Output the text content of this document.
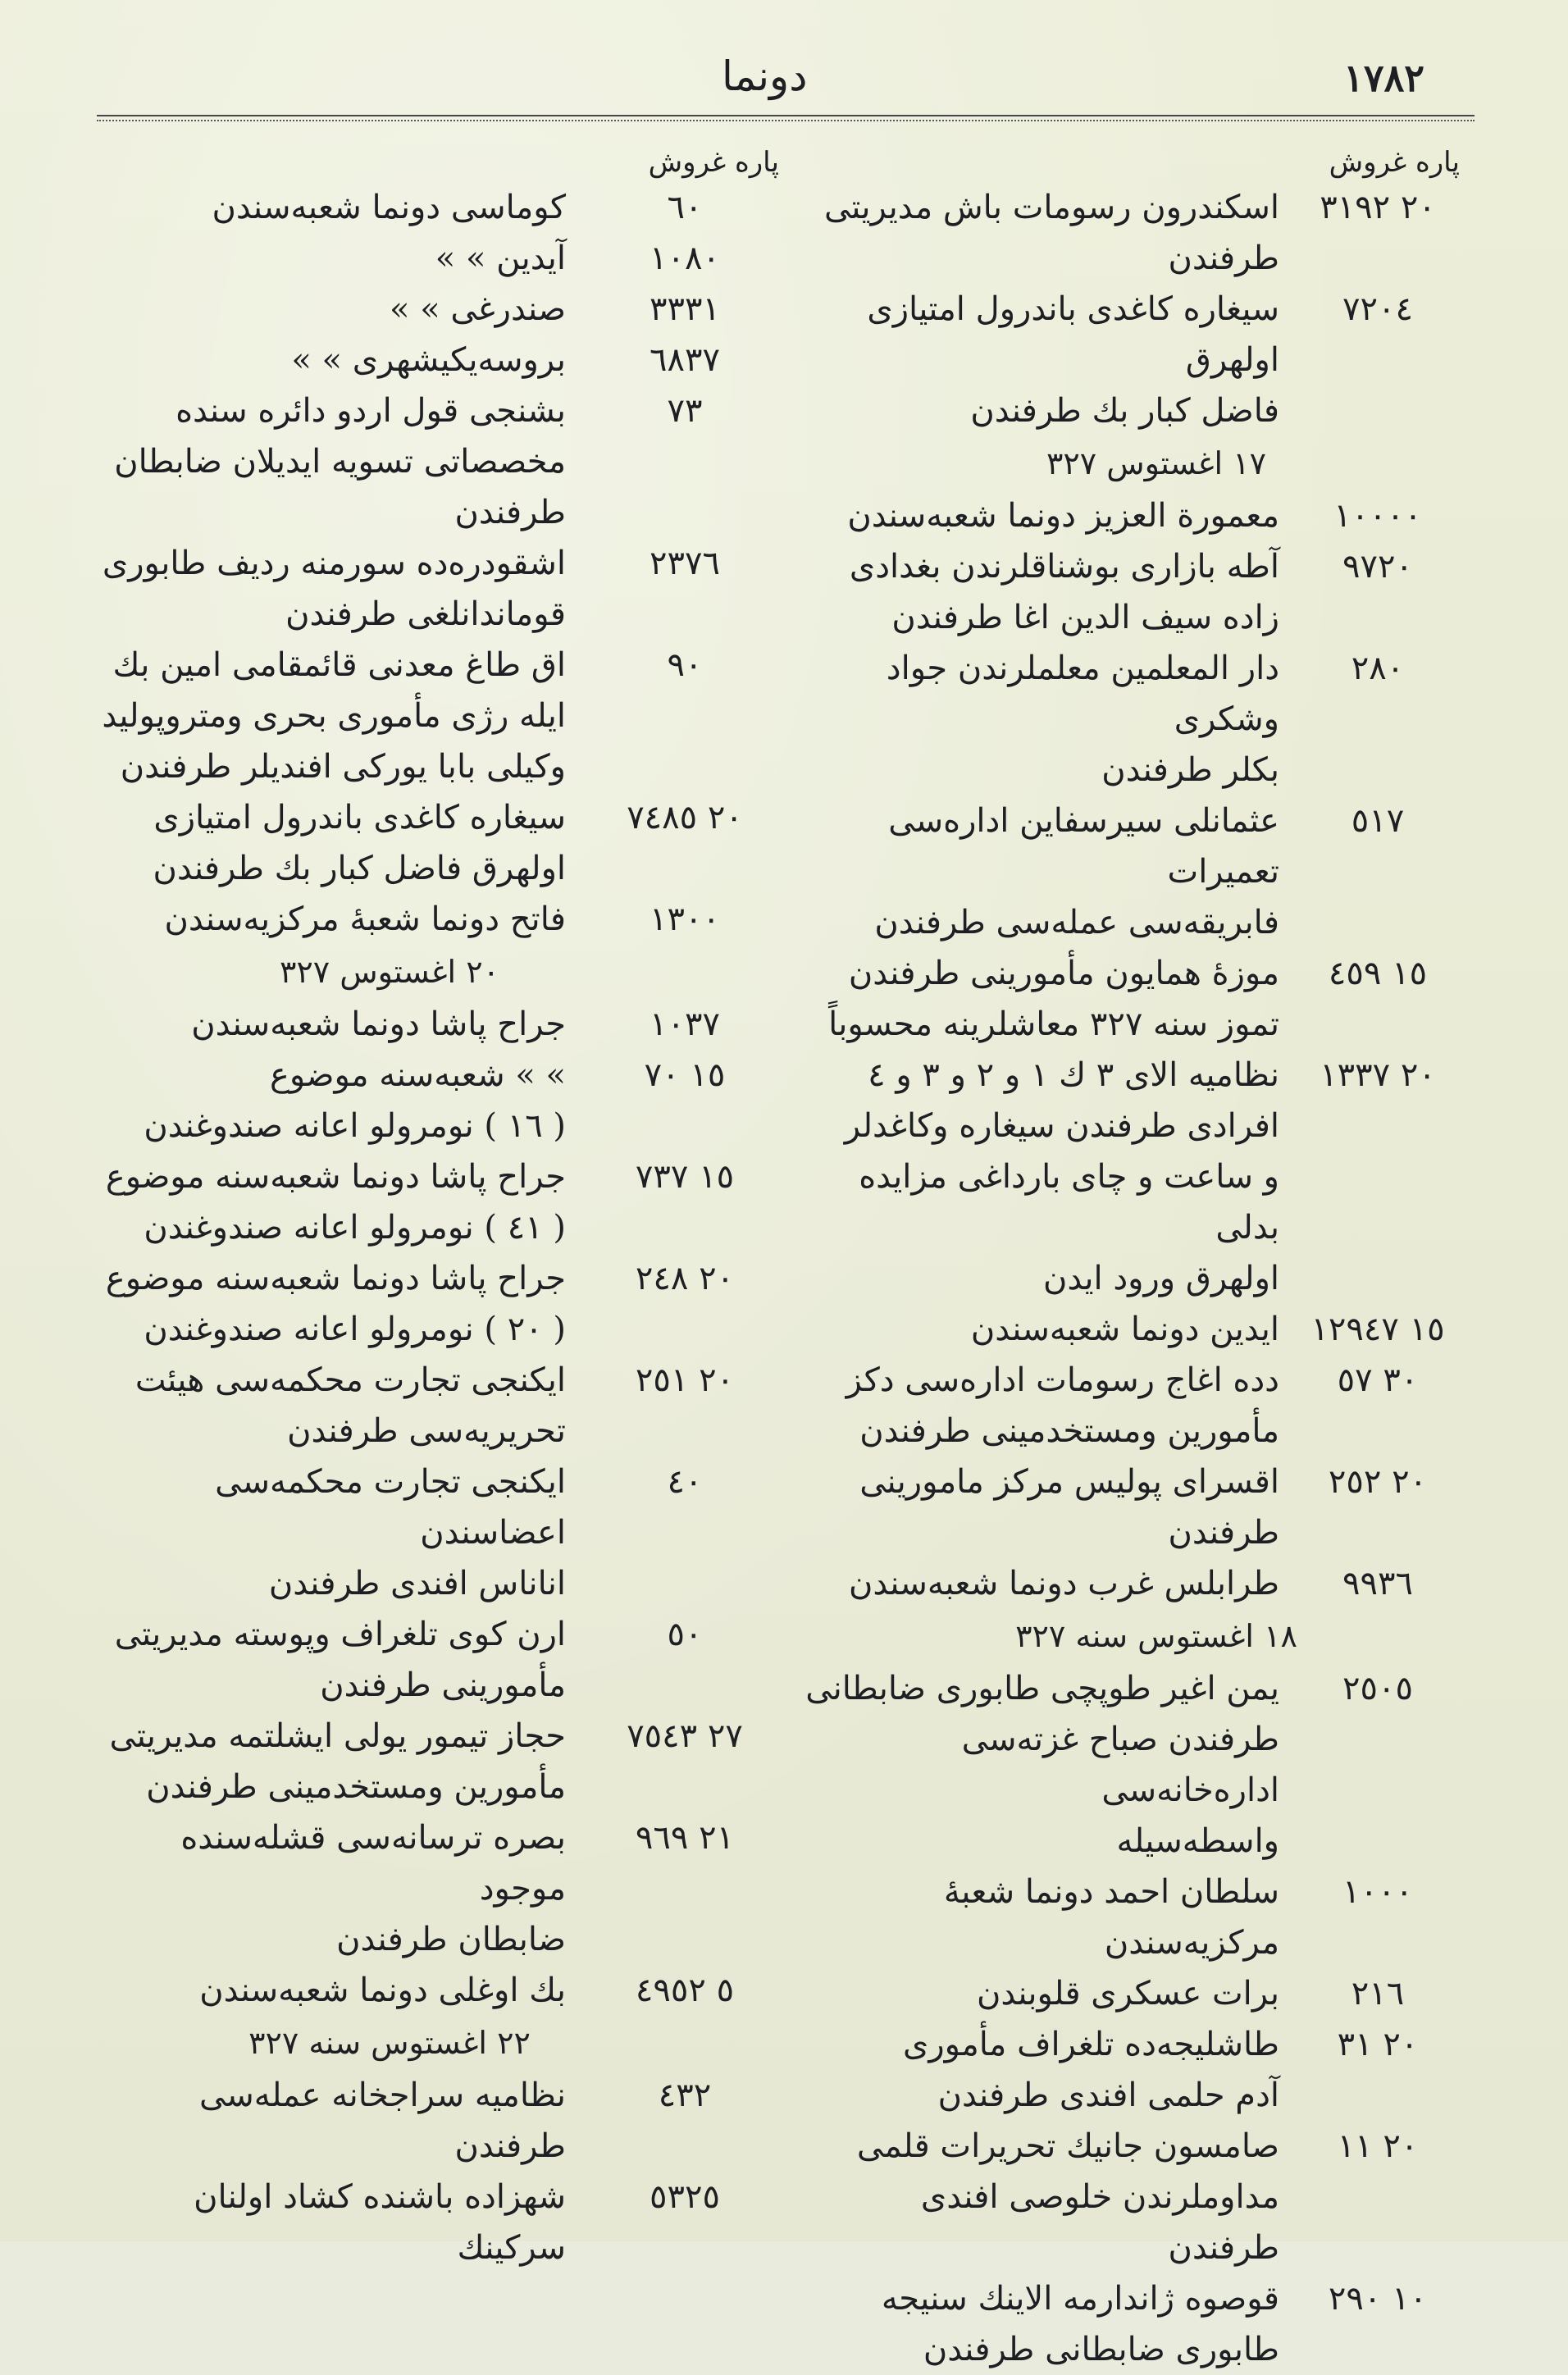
١٧٨٢
دونما
پاره غروش
٢٠ ٣١٩٢
اسكندرون رسومات باش مديريتى
طرفندن
٧٢٠٤
سيغاره كاغدى باندرول امتيازى اولهرق
فاضل كبار بك طرفندن
١٧ اغستوس ٣٢٧
١٠٠٠٠
معمورة العزيز دونما شعبه‌سندن
٩٧٢٠
آطه بازارى بوشناقلرندن بغدادى
زاده سيف الدين اغا طرفندن
٢٨٠
دار المعلمين معلملرندن جواد وشكرى
بكلر طرفندن
٥١٧
عثمانلى سيرسفاين اداره‌سى تعميرات
فابريقه‌سى عمله‌سى طرفندن
١٥ ٤٥٩
موزهٔ همايون مأمورينى طرفندن
تموز سنه ٣٢٧ معاشلرينه محسوباً
٢٠ ١٣٣٧
نظاميه الاى ٣ ك ١ و ٢ و ٣ و ٤
افرادى طرفندن سيغاره وكاغدلر
و ساعت و چاى بارداغى مزايده بدلى
اولهرق ورود ايدن
١٥ ١٢٩٤٧
ايدين دونما شعبه‌سندن
٣٠ ٥٧
دده اغاج رسومات اداره‌سى دكز
مأمورين ومستخدمينى طرفندن
٢٠ ٢٥٢
اقسراى پوليس مركز مامورينى
طرفندن
٩٩٣٦
طرابلس غرب دونما شعبه‌سندن
١٨ اغستوس سنه ٣٢٧
٢٥٠٥
يمن اغير طوپچى طابورى ضابطانى
طرفندن صباح غزته‌سى اداره‌خانه‌سى
واسطه‌سيله
١٠٠٠
سلطان احمد دونما شعبهٔ مركزيه‌سندن
٢١٦
برات عسكرى قلوبندن
٢٠ ٣١
طاشليجه‌ده تلغراف مأمورى
آدم حلمى افندى طرفندن
٢٠ ١١
صامسون جانيك تحريرات قلمى
مداوملرندن خلوصى افندى طرفندن
١٠ ٢٩٠
قوصوه ژاندارمه الاينك سنيجه
طابورى ضابطانى طرفندن
پاره غروش
٦٠
كوماسى دونما شعبه‌سندن
١٠٨٠
آيدين » »
٣٣٣١
صندرغى » »
٦٨٣٧
بروسه‌يكيشهرى » »
٧٣
بشنجى قول اردو دائره سنده
مخصصاتى تسويه ايديلان ضابطان
طرفندن
٢٣٧٦
اشقودره‌ده سورمنه رديف طابورى
قوماندانلغى طرفندن
٩٠
اق طاغ معدنى قائمقامى امين بك
ايله رژى مأمورى بحرى ومتروپوليد
وكيلى بابا يوركى افنديلر طرفندن
٢٠ ٧٤٨٥
سيغاره كاغدى باندرول امتيازى
اولهرق فاضل كبار بك طرفندن
١٣٠٠
فاتح دونما شعبهٔ مركزيه‌سندن
٢٠ اغستوس ٣٢٧
١٠٣٧
جراح پاشا دونما شعبه‌سندن
١٥ ٧٠
» » شعبه‌سنه موضوع
( ١٦ ) نومرولو اعانه صندوغندن
١٥ ٧٣٧
جراح پاشا دونما شعبه‌سنه موضوع
( ٤١ ) نومرولو اعانه صندوغندن
٢٠ ٢٤٨
جراح پاشا دونما شعبه‌سنه موضوع
( ٢٠ ) نومرولو اعانه صندوغندن
٢٠ ٢٥١
ايكنجى تجارت محكمه‌سى هيئت
تحريريه‌سى طرفندن
٤٠
ايكنجى تجارت محكمه‌سى اعضاسندن
اناناس افندى طرفندن
٥٠
ارن كوى تلغراف وپوسته مديريتى
مأمورينى طرفندن
٢٧ ٧٥٤٣
حجاز تيمور يولى ايشلتمه مديريتى
مأمورين ومستخدمينى طرفندن
٢١ ٩٦٩
بصره ترسانه‌سى قشله‌سنده موجود
ضابطان طرفندن
٥ ٤٩٥٢
بك اوغلى دونما شعبه‌سندن
٢٢ اغستوس سنه ٣٢٧
٤٣٢
نظاميه سراجخانه عمله‌سى طرفندن
٥٣٢٥
شهزاده باشنده كشاد اولنان سركينك
